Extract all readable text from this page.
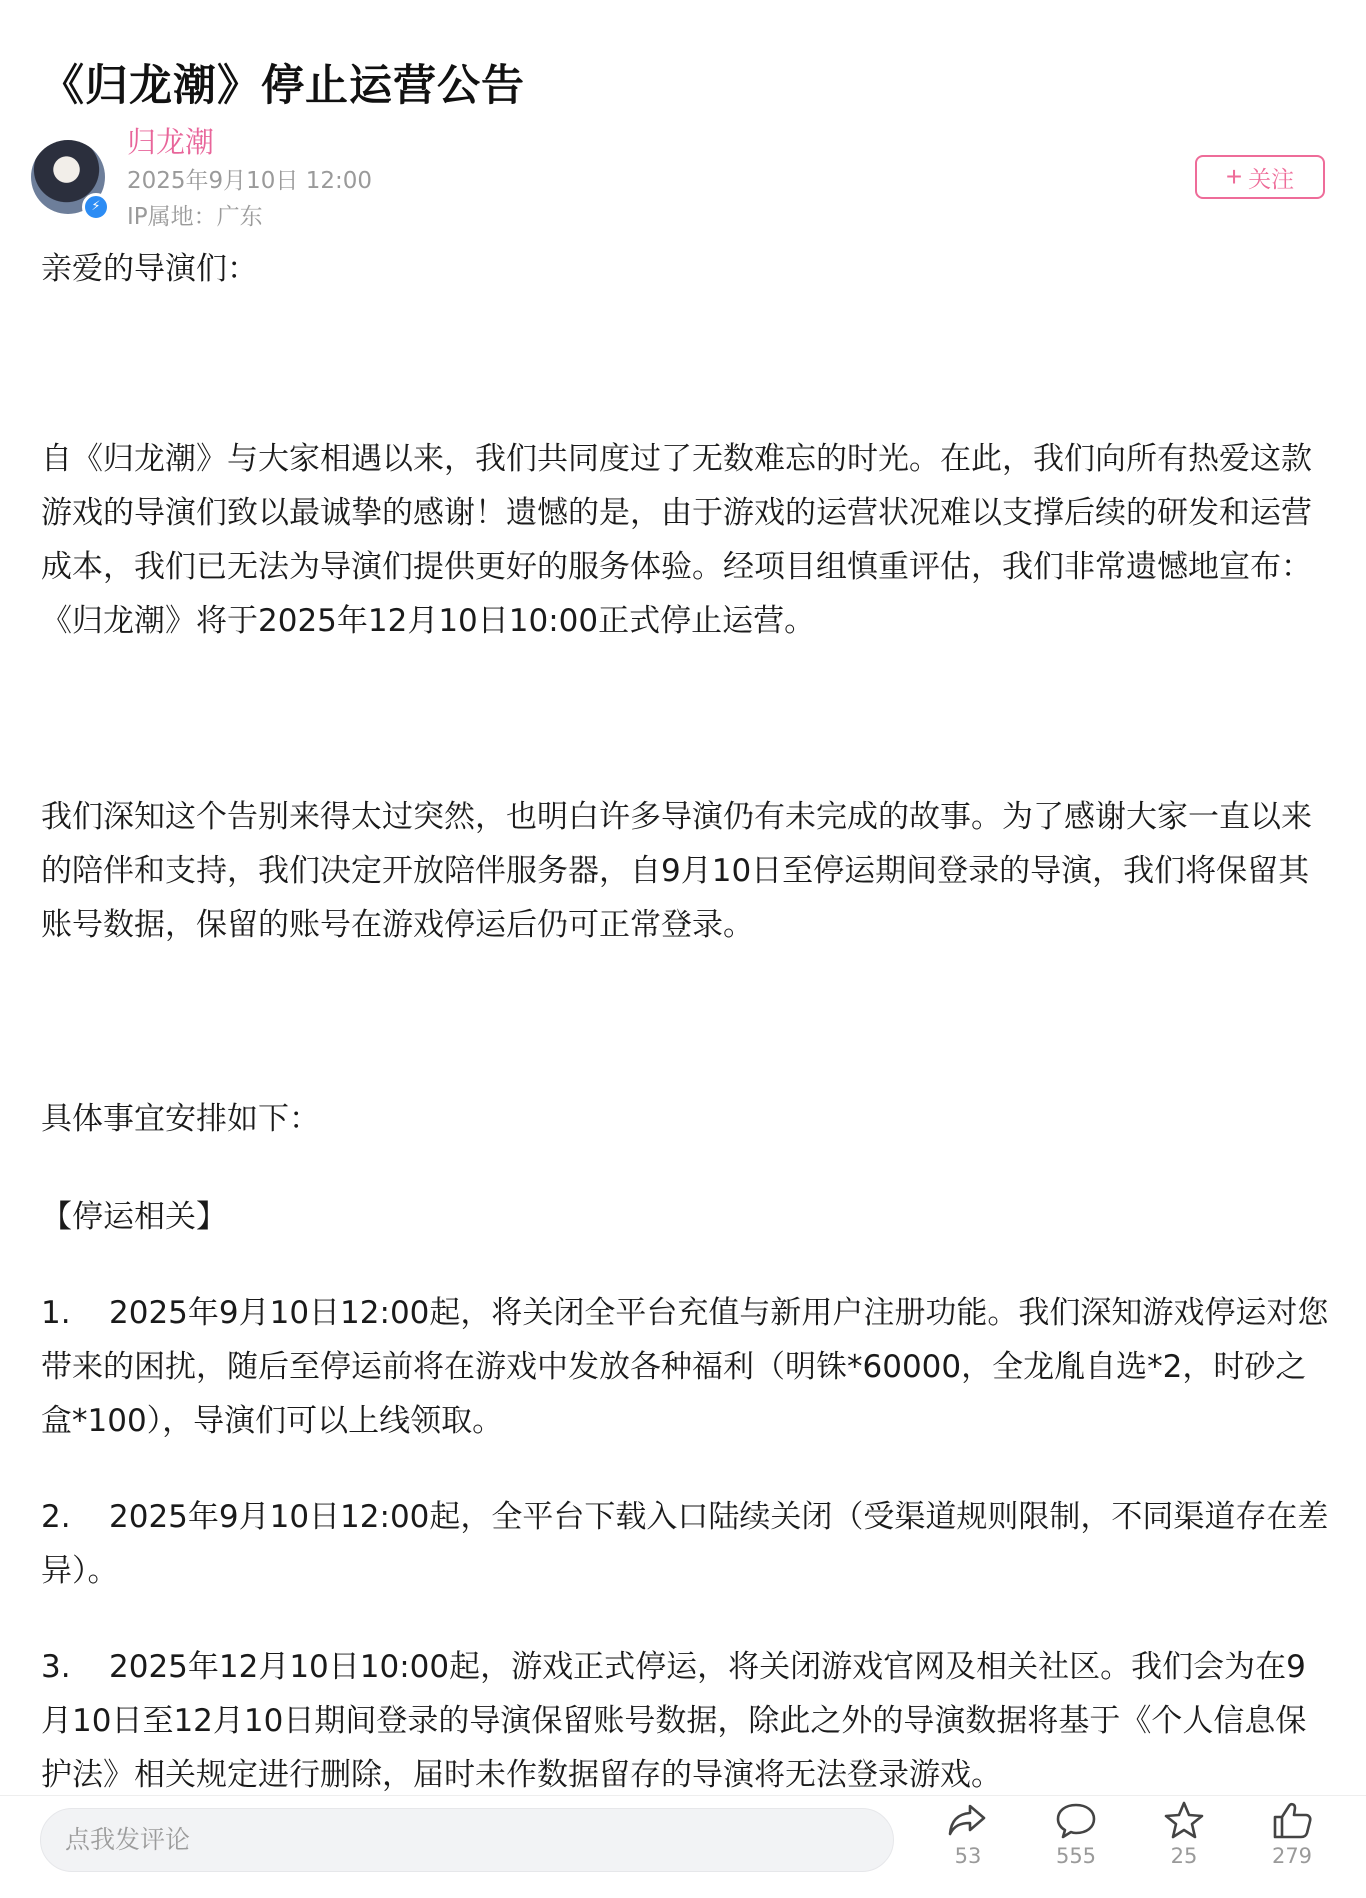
《归龙潮》停止运营公告
⚡

归龙潮

2025年9月10日 12:00

IP属地：广东

+ 关注

亲爱的导演们：

自《归龙潮》与大家相遇以来，我们共同度过了无数难忘的时光。在此，我们向所有热爱这款游戏的导演们致以最诚挚的感谢！遗憾的是，由于游戏的运营状况难以支撑后续的研发和运营成本，我们已无法为导演们提供更好的服务体验。经项目组慎重评估，我们非常遗憾地宣布：《归龙潮》将于2025年12月10日10:00正式停止运营。

我们深知这个告别来得太过突然，也明白许多导演仍有未完成的故事。为了感谢大家一直以来的陪伴和支持，我们决定开放陪伴服务器，自9月10日至停运期间登录的导演，我们将保留其账号数据，保留的账号在游戏停运后仍可正常登录。

具体事宜安排如下：

【停运相关】

1. 2025年9月10日12:00起，将关闭全平台充值与新用户注册功能。我们深知游戏停运对您带来的困扰，随后至停运前将在游戏中发放各种福利（明铢*60000，全龙胤自选*2，时砂之盒*100），导演们可以上线领取。

2. 2025年9月10日12:00起，全平台下载入口陆续关闭（受渠道规则限制，不同渠道存在差异）。

3. 2025年12月10日10:00起，游戏正式停运，将关闭游戏官网及相关社区。我们会为在9月10日至12月10日期间登录的导演保留账号数据，除此之外的导演数据将基于《个人信息保护法》相关规定进行删除，届时未作数据留存的导演将无法登录游戏。

点我发评论
53	555	25	279
